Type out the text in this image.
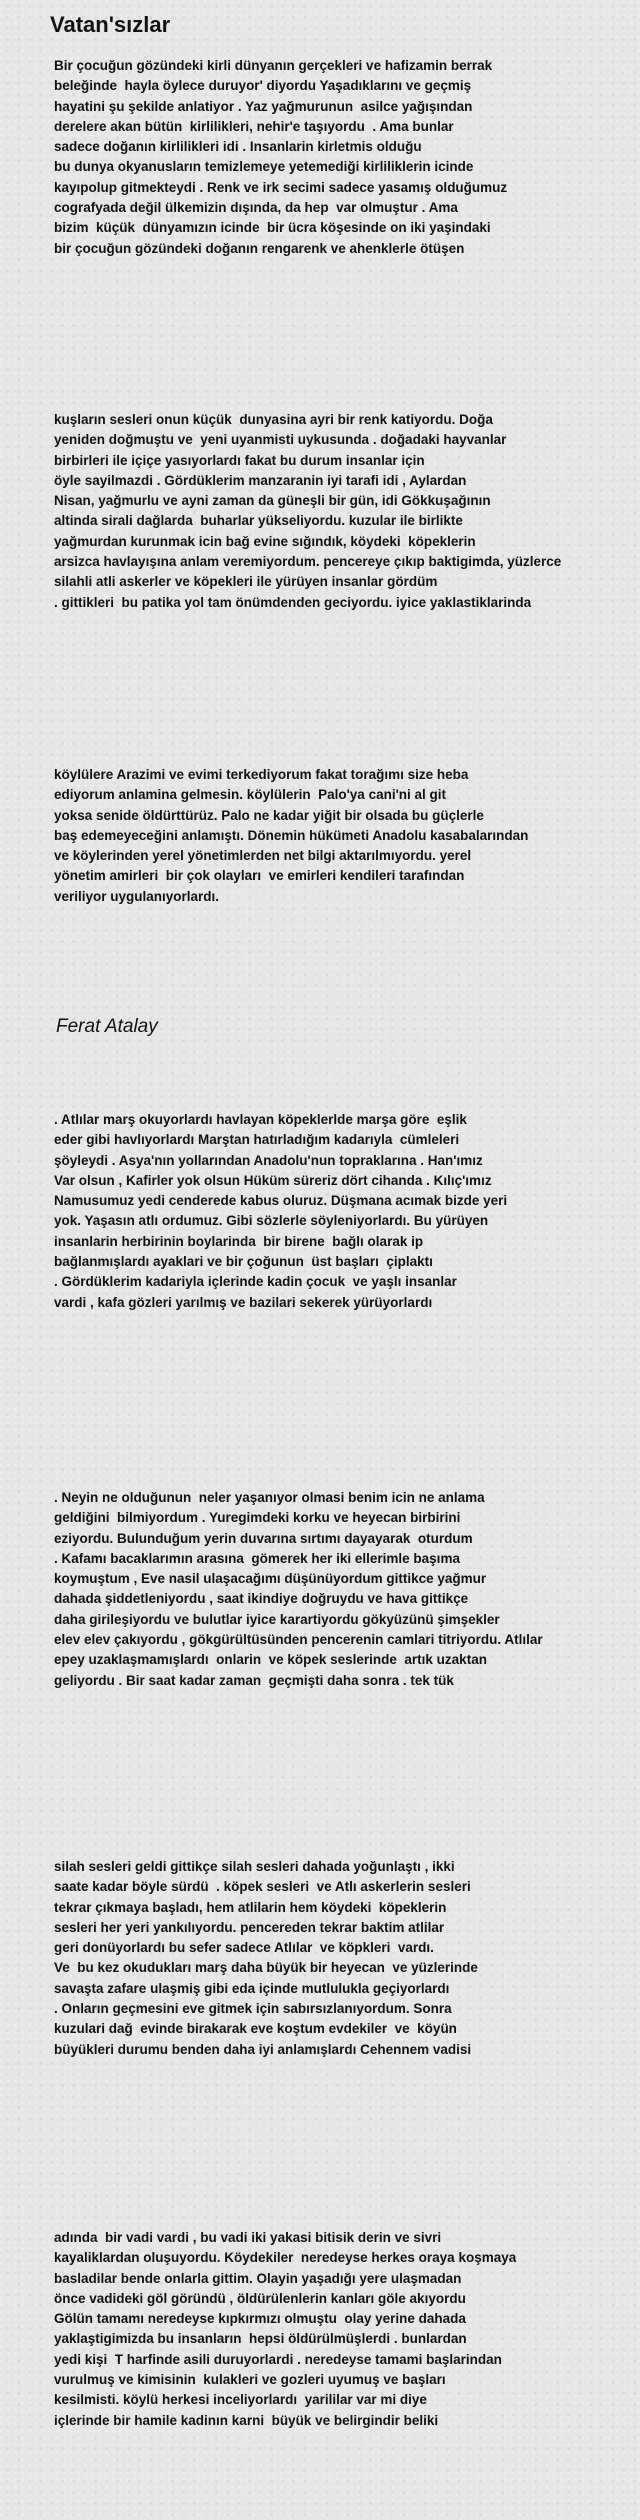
Vatan'sızlar
Bir çocuğun gözündeki kirli dünyanın gerçekleri ve hafizamin berrak
beleğinde  hayla öylece duruyor' diyordu Yaşadıklarını ve geçmiş
hayatini şu şekilde anlatiyor . Yaz yağmurunun  asilce yağışından
derelere akan bütün  kirlilikleri, nehir'e taşıyordu  . Ama bunlar
sadece doğanın kirlilikleri idi . Insanlarin kirletmis olduğu
bu dunya okyanusların temizlemeye yetemediği kirliliklerin icinde
kayıpolup gitmekteydi . Renk ve irk secimi sadece yasamış olduğumuz
cografyada değil ülkemizin dışında, da hep  var olmuştur . Ama
bizim  küçük  dünyamızın icinde  bir ücra köşesinde on iki yaşindaki
bir çocuğun gözündeki doğanın rengarenk ve ahenklerle ötüşen
kuşların sesleri onun küçük  dunyasina ayri bir renk katiyordu. Doğa
yeniden doğmuştu ve  yeni uyanmisti uykusunda . doğadaki hayvanlar
birbirleri ile içiçe yasıyorlardı fakat bu durum insanlar için
öyle sayilmazdi . Gördüklerim manzaranin iyi tarafi idi , Aylardan
Nisan, yağmurlu ve ayni zaman da güneşli bir gün, idi Gökkuşağının
altinda sirali dağlarda  buharlar yükseliyordu. kuzular ile birlikte
yağmurdan kurunmak icin bağ evine sığındık, köydeki  köpeklerin
arsizca havlayışına anlam veremiyordum. pencereye çıkıp baktigimda, yüzlerce
silahli atli askerler ve köpekleri ile yürüyen insanlar gördüm
. gittikleri  bu patika yol tam önümdenden geciyordu. iyice yaklastiklarinda
köylülere Arazimi ve evimi terkediyorum fakat torağımı size heba
ediyorum anlamina gelmesin. köylülerin  Palo'ya cani'ni al git
yoksa senide öldürttürüz. Palo ne kadar yiğit bir olsada bu güçlerle
baş edemeyeceğini anlamıştı. Dönemin hükümeti Anadolu kasabalarından
ve köylerinden yerel yönetimlerden net bilgi aktarılmıyordu. yerel
yönetim amirleri  bir çok olayları  ve emirleri kendileri tarafından
veriliyor uygulanıyorlardı.

Ferat Atalay

. Atlılar marş okuyorlardı havlayan köpeklerlde marşa göre  eşlik
eder gibi havlıyorlardı Marştan hatırladığım kadarıyla  cümleleri
şöyleydi . Asya'nın yollarından Anadolu'nun topraklarına . Han'ımız
Var olsun , Kafirler yok olsun Hüküm süreriz dört cihanda . Kılıç'ımız
Namusumuz yedi cenderede kabus oluruz. Düşmana acımak bizde yeri
yok. Yaşasın atlı ordumuz. Gibi sözlerle söyleniyorlardı. Bu yürüyen
insanlarin herbirinin boylarinda  bir birene  bağlı olarak ip
bağlanmışlardı ayaklari ve bir çoğunun  üst başları  çiplaktı
. Gördüklerim kadariyla içlerinde kadin çocuk  ve yaşlı insanlar
vardi , kafa gözleri yarılmış ve bazilari sekerek yürüyorlardı
. Neyin ne olduğunun  neler yaşanıyor olmasi benim icin ne anlama
geldiğini  bilmiyordum . Yuregimdeki korku ve heyecan birbirini
eziyordu. Bulunduğum yerin duvarına sırtımı dayayarak  oturdum
. Kafamı bacaklarımın arasına  gömerek her iki ellerimle başıma
koymuştum , Eve nasil ulaşacağımı düşünüyordum gittikce yağmur
dahada şiddetleniyordu , saat ikindiye doğruydu ve hava gittikçe
daha girileşiyordu ve bulutlar iyice karartiyordu gökyüzünü şimşekler
elev elev çakıyordu , gökgürültüsünden pencerenin camlari titriyordu. Atlılar
epey uzaklaşmamışlardı  onlarin  ve köpek seslerinde  artık uzaktan
geliyordu . Bir saat kadar zaman  geçmişti daha sonra . tek tük
silah sesleri geldi gittikçe silah sesleri dahada yoğunlaştı , ikki
saate kadar böyle sürdü  . köpek sesleri  ve Atlı askerlerin sesleri
tekrar çıkmaya başladı, hem atlilarin hem köydeki  köpeklerin
sesleri her yeri yankılıyordu. pencereden tekrar baktim atlilar
geri donüyorlardı bu sefer sadece Atlılar  ve köpkleri  vardı.
Ve  bu kez okudukları marş daha büyük bir heyecan  ve yüzlerinde
savaşta zafare ulaşmiş gibi eda içinde mutlulukla geçiyorlardı
. Onların geçmesini eve gitmek için sabırsızlanıyordum. Sonra
kuzulari dağ  evinde birakarak eve koştum evdekiler  ve  köyün
büyükleri durumu benden daha iyi anlamışlardı Cehennem vadisi
adında  bir vadi vardi , bu vadi iki yakasi bitisik derin ve sivri
kayaliklardan oluşuyordu. Köydekiler  neredeyse herkes oraya koşmaya
basladilar bende onlarla gittim. Olayin yaşadığı yere ulaşmadan
önce vadideki göl göründü , öldürülenlerin kanları göle akıyordu
Gölün tamamı neredeyse kıpkırmızı olmuştu  olay yerine dahada
yaklaştigimizda bu insanların  hepsi öldürülmüşlerdi . bunlardan
yedi kişi  T harfinde asili duruyorlardi . neredeyse tamami başlarindan
vurulmuş ve kimisinin  kulakleri ve gozleri uyumuş ve başları
kesilmisti. köylü herkesi inceliyorlardı  yarililar var mi diye
içlerinde bir hamile kadinın karni  büyük ve belirgindir beliki
